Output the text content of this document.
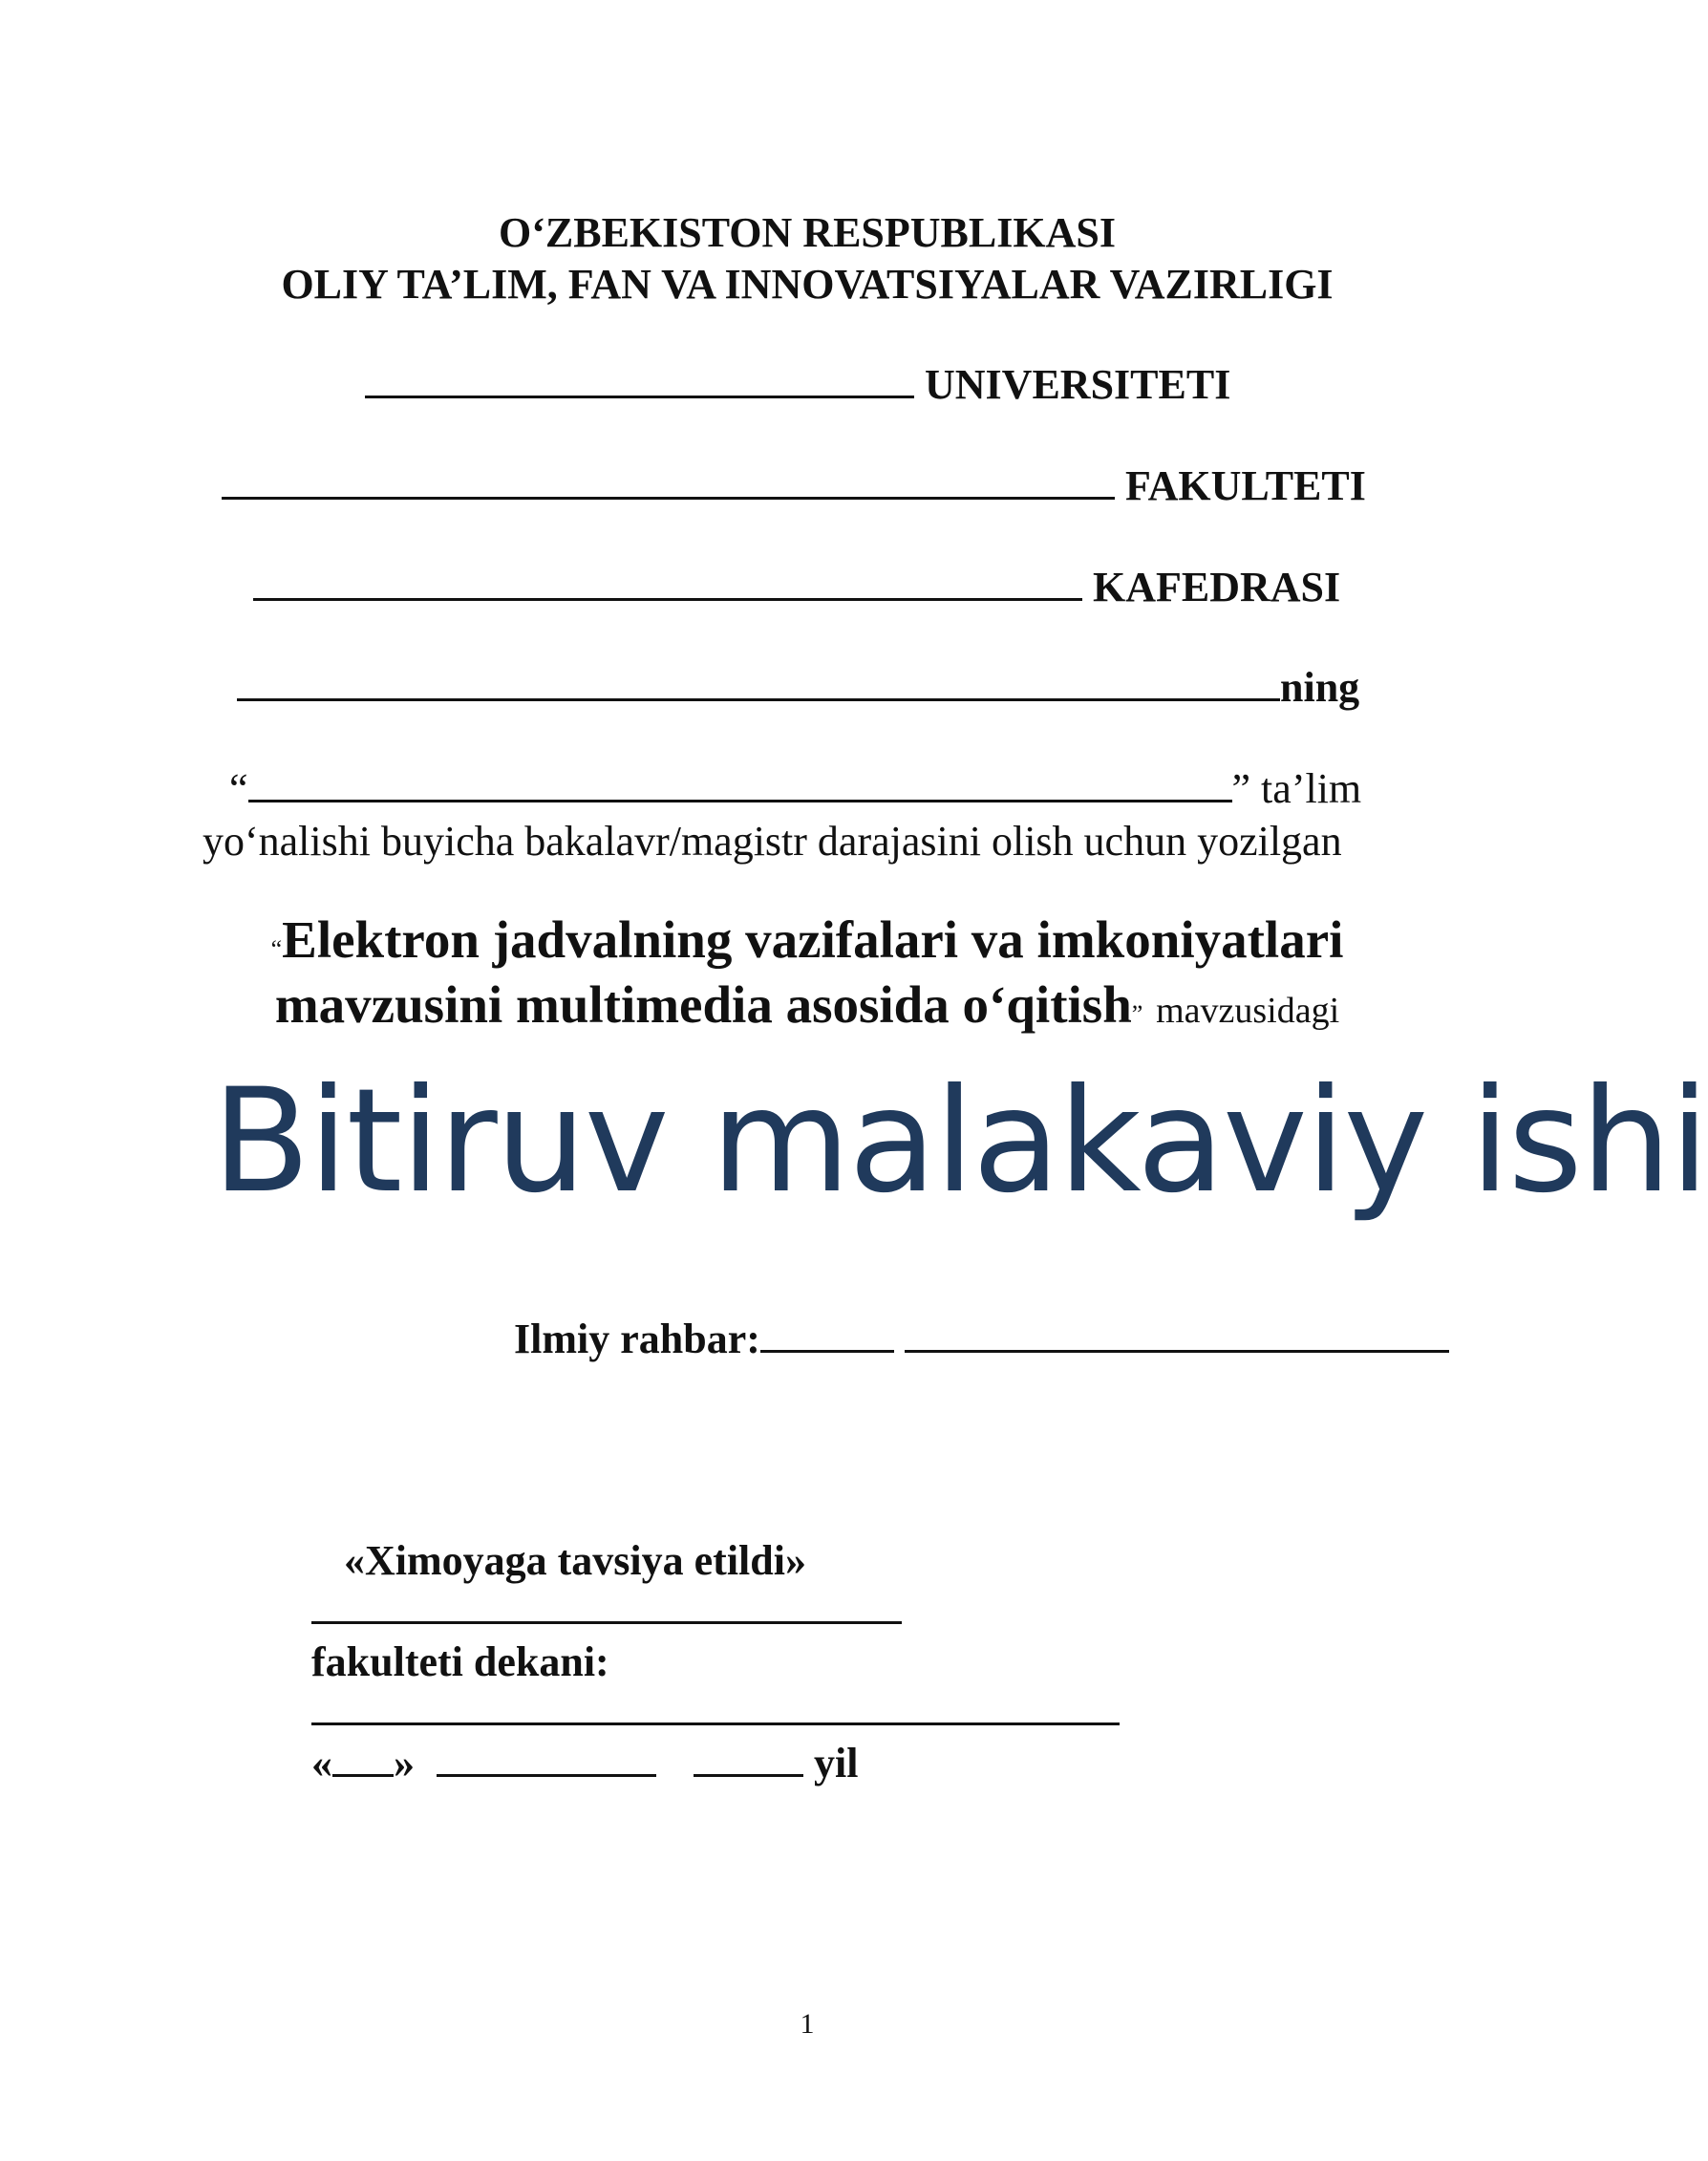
O‘ZBEKISTON RESPUBLIKASI
OLIY TA’LIM, FAN VA INNOVATSIYALAR VAZIRLIGI
UNIVERSITETI
FAKULTETI
KAFEDRASI
ning
“	” ta’lim
yo‘nalishi buyicha bakalavr/magistr darajasini olish uchun yozilgan
“Elektron jadvalning vazifalari va imkoniyatlari
mavzusini multimedia asosida o‘qitish” mavzusidagi
Bitiruv malakaviy ishi
Ilmiy rahbar:
«Ximoyaga tavsiya etildi»
fakulteti dekani:
« »	yil
1
